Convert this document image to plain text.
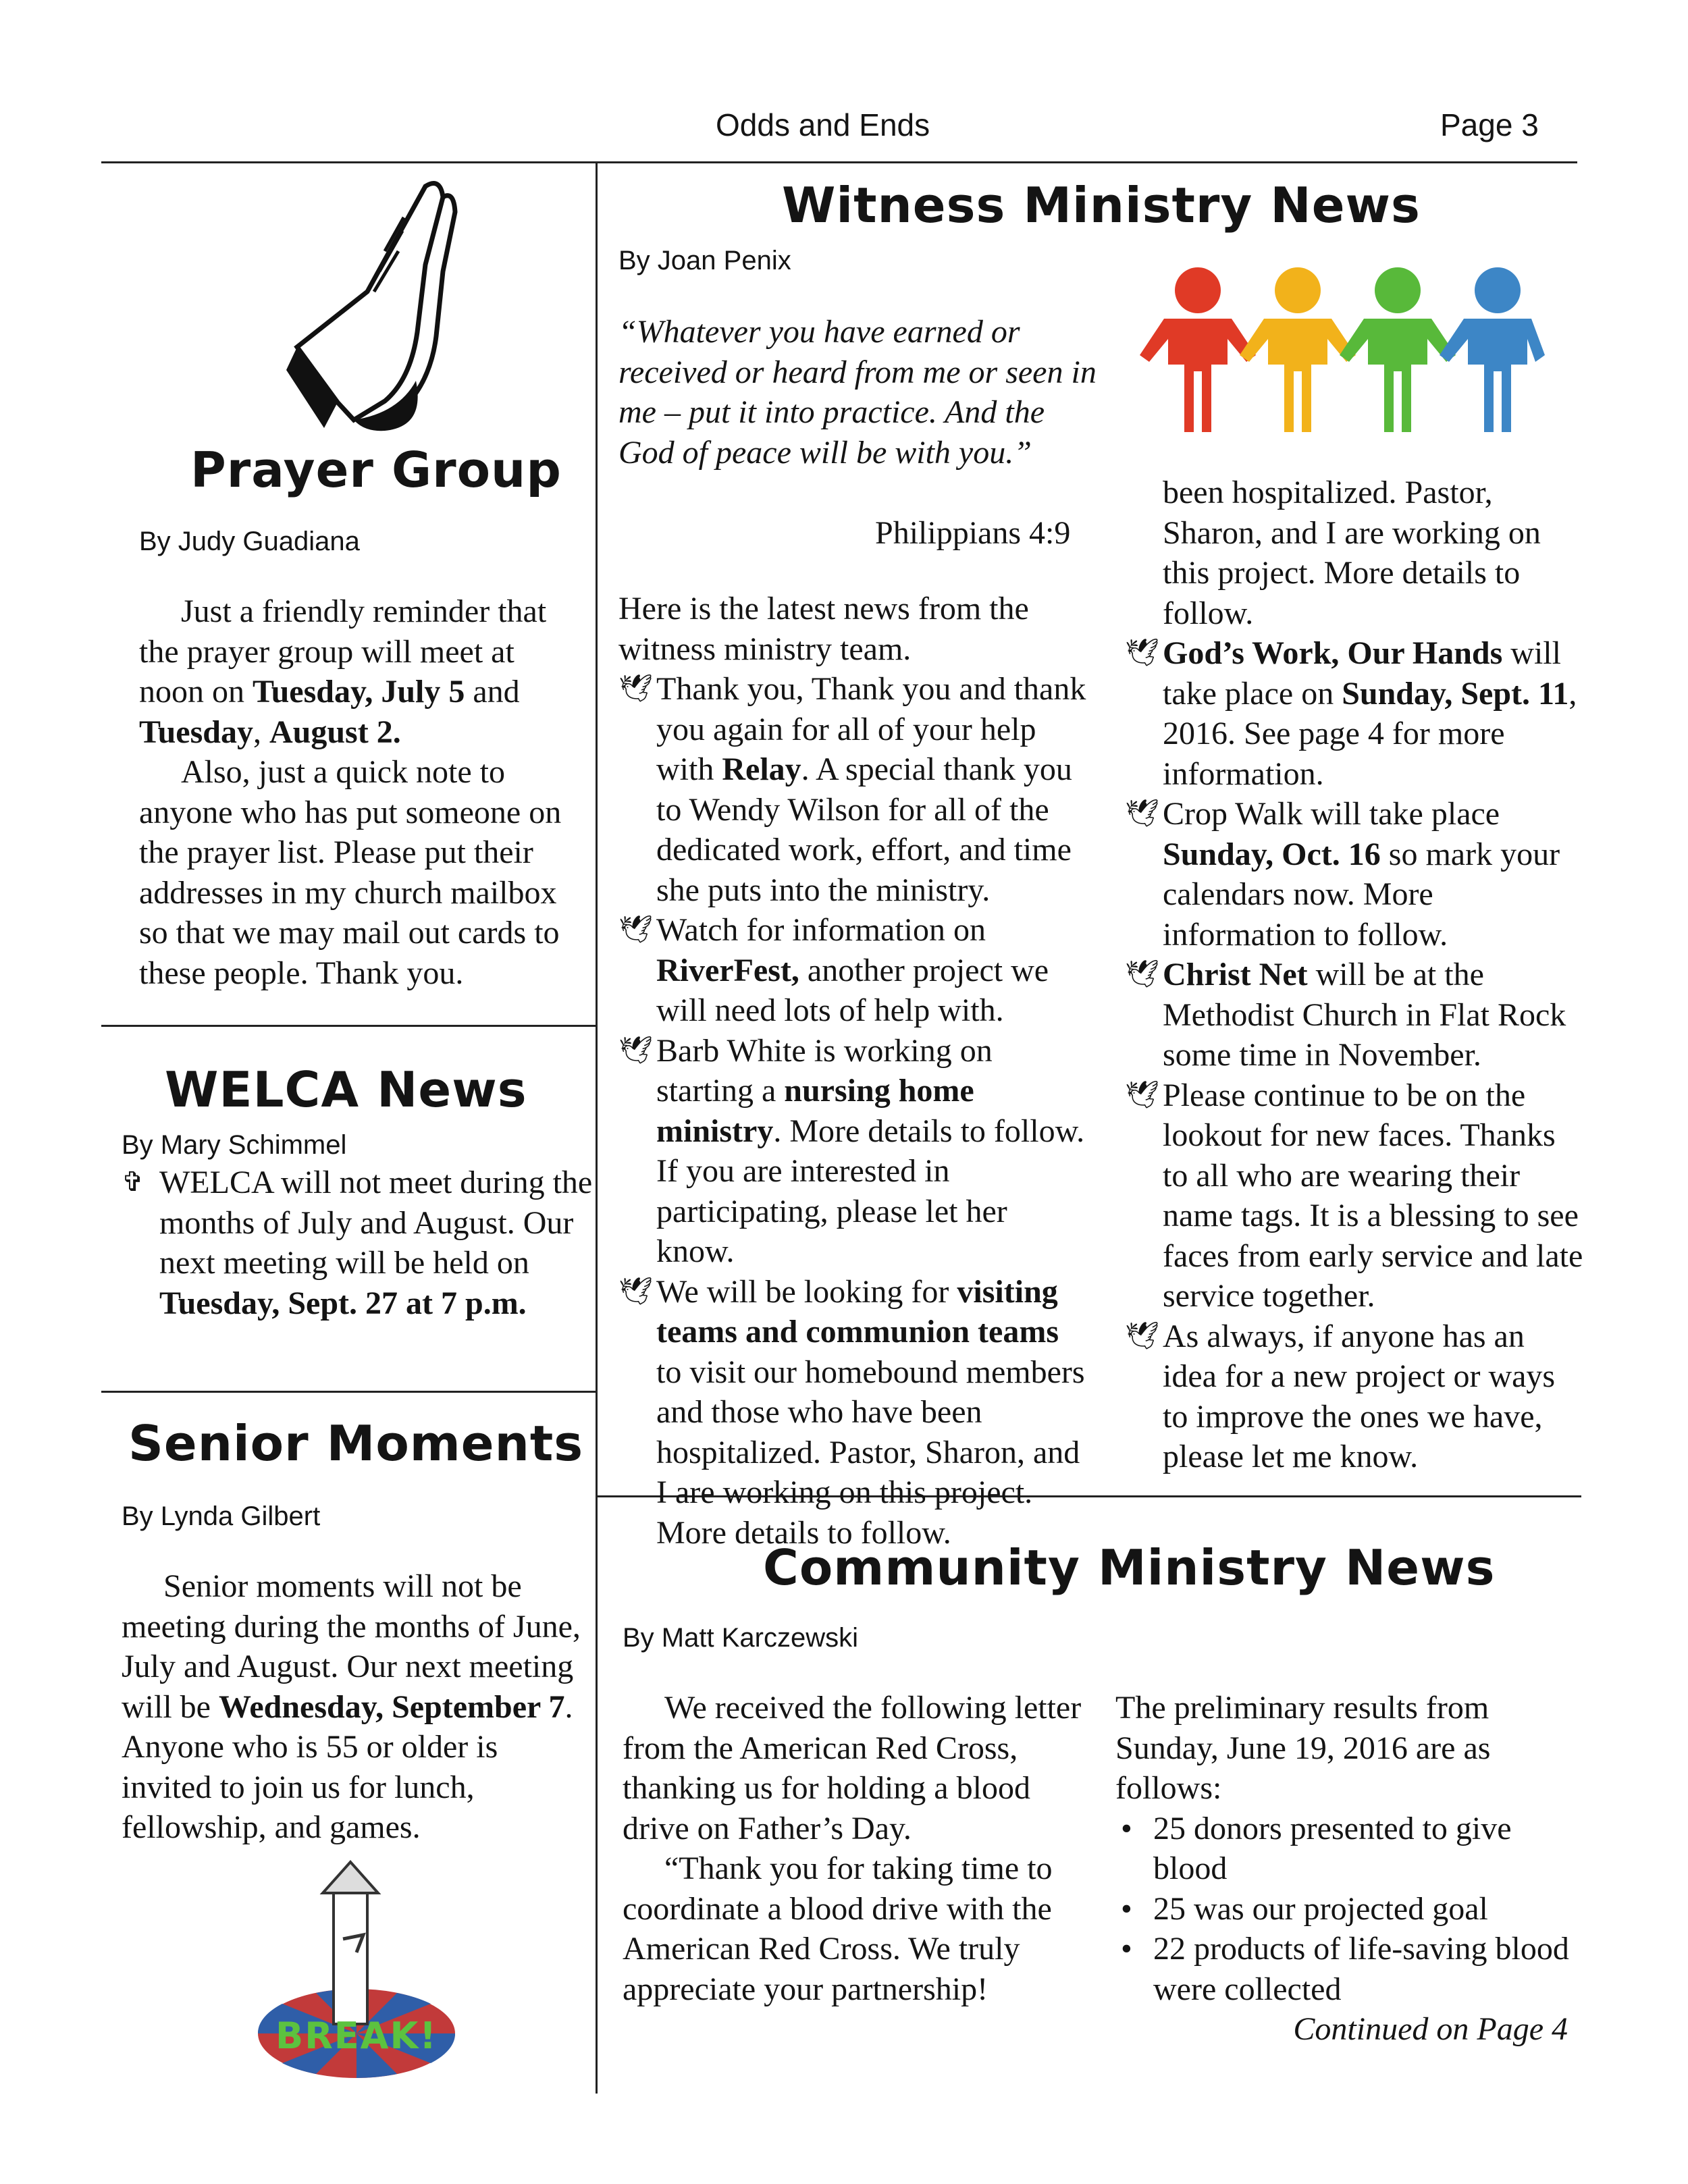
Odds and Ends	Page 3
Prayer Group
By Judy Guadiana

Just a friendly reminder that the prayer group will meet at noon on Tuesday, July 5 and Tuesday, August 2.

Also, just a quick note to anyone who has put someone on the prayer list. Please put their addresses in my church mailbox so that we may mail out cards to these people. Thank you.

WELCA News
By Mary Schimmel
✞ WELCA will not meet during the months of July and August. Our next meeting will be held on Tuesday, Sept. 27 at 7 p.m.
Senior Moments
By Lynda Gilbert

Senior moments will not be meeting during the months of June, July and August. Our next meeting will be Wednesday, September 7. Anyone who is 55 or older is invited to join us for lunch, fellowship, and games.

BREAK!
Witness Ministry News
By Joan Penix
“Whatever you have earned or received or heard from me or seen in me – put it into practice. And the God of peace will be with you.”
Philippians 4:9

Here is the latest news from the witness ministry team.

🕊 Thank you, Thank you and thank you again for all of your help with Relay. A special thank you to Wendy Wilson for all of the dedicated work, effort, and time she puts into the ministry.
🕊 Watch for information on RiverFest, another project we will need lots of help with.
🕊 Barb White is working on starting a nursing home ministry. More details to follow. If you are interested in participating, please let her know.
🕊 We will be looking for visiting teams and communion teams to visit our homebound members and those who have been hospitalized. Pastor, Sharon, and I are working on this project. More details to follow.
been hospitalized. Pastor, Sharon, and I are working on this project. More details to follow.
🕊 God’s Work, Our Hands will take place on Sunday, Sept. 11, 2016. See page 4 for more information.
🕊 Crop Walk will take place Sunday, Oct. 16 so mark your calendars now. More information to follow.
🕊 Christ Net will be at the Methodist Church in Flat Rock some time in November.
🕊 Please continue to be on the lookout for new faces. Thanks to all who are wearing their name tags. It is a blessing to see faces from early service and late service together.
🕊 As always, if anyone has an idea for a new project or ways to improve the ones we have, please let me know.
Community Ministry News
By Matt Karczewski

We received the following letter from the American Red Cross, thanking us for holding a blood drive on Father’s Day.

“Thank you for taking time to coordinate a blood drive with the American Red Cross. We truly appreciate your partnership!

The preliminary results from Sunday, June 19, 2016 are as follows:

• 25 donors presented to give blood
• 25 was our projected goal
• 22 products of life-saving blood were collected
Continued on Page 4
